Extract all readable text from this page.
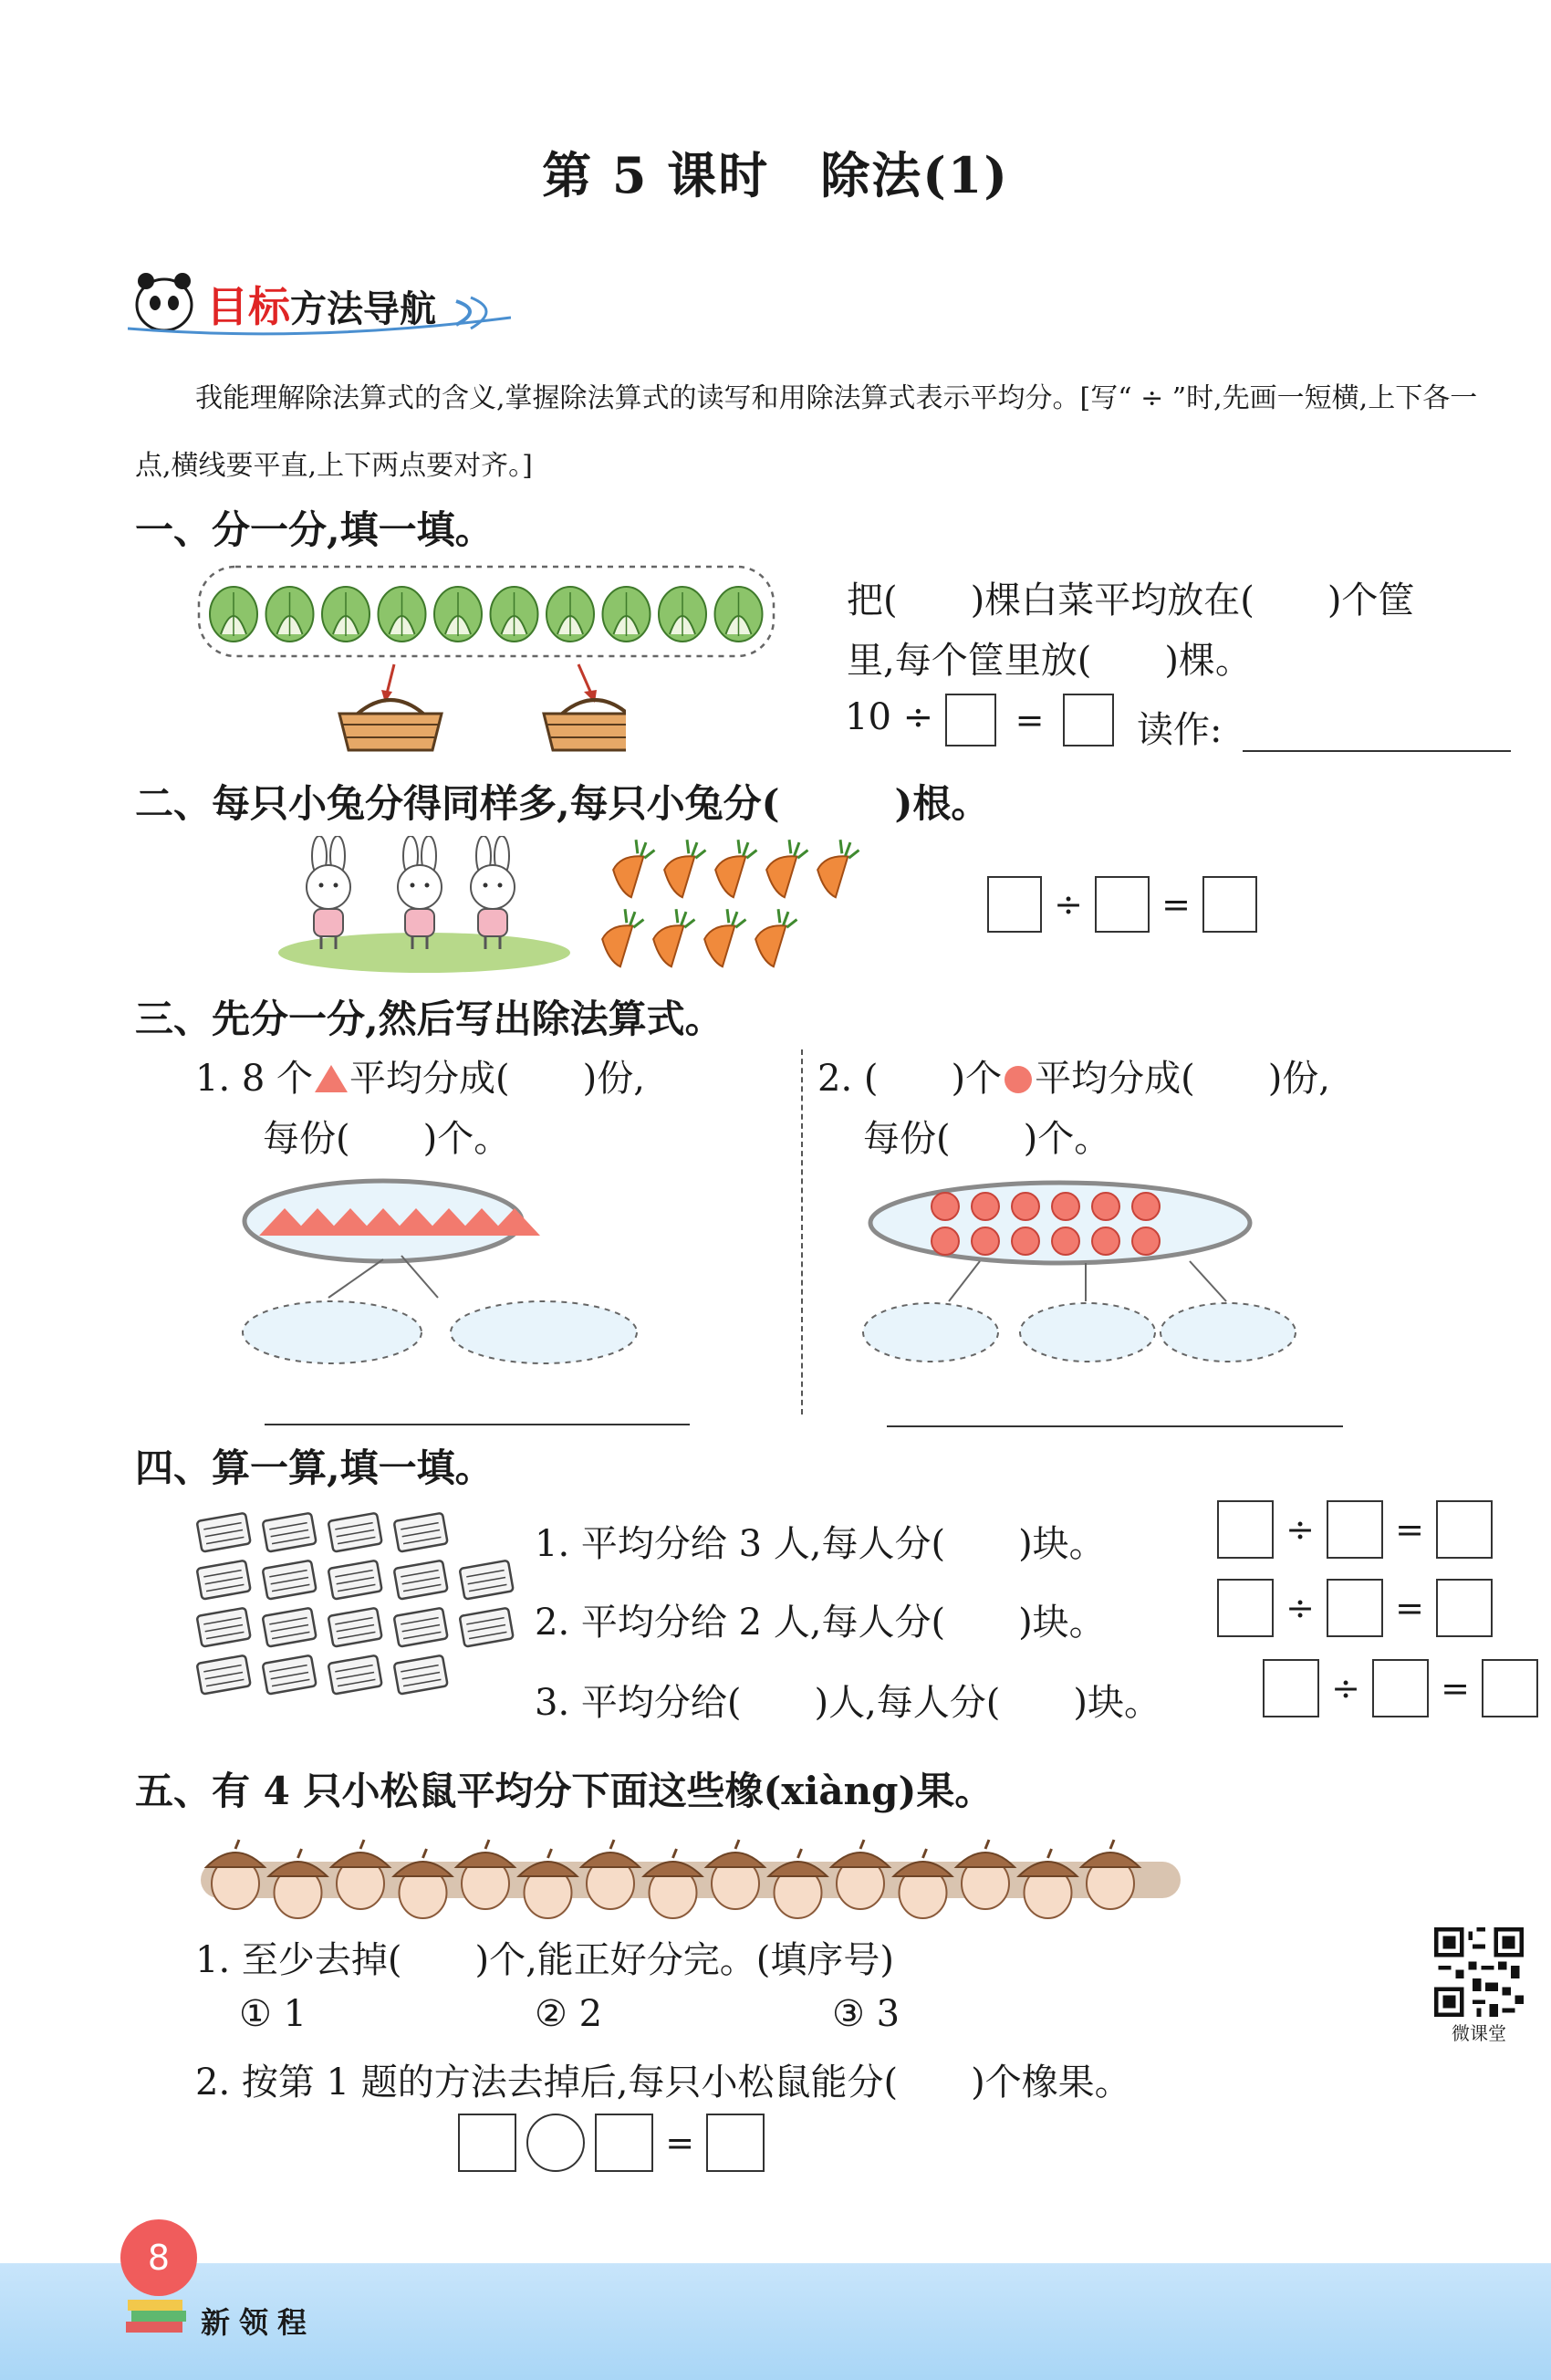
第 5 课时　除法(1)
目标方法导航
我能理解除法算式的含义,掌握除法算式的读写和用除法算式表示平均分。[写“ ÷ ”时,先画一短横,上下各一点,横线要平直,上下两点要对齐。]
一、分一分,填一填。
把(　　)棵白菜平均放在(　　)个筐
里,每个筐里放(　　)棵。
10 ÷ =	读作:
二、每只小兔分得同样多,每只小兔分(　　　)根。
÷ =
三、先分一分,然后写出除法算式。
1. 8 个 平均分成(　　)份,
每份(　　)个。
2. (　　)个 平均分成(　　)份,
每份(　　)个。
四、算一算,填一填。
1. 平均分给 3 人,每人分(　　)块。
2. 平均分给 2 人,每人分(　　)块。
3. 平均分给(　　)人,每人分(　　)块。
÷ =
÷ =
÷ =
五、有 4 只小松鼠平均分下面这些橡(xiàng)果。
1. 至少去掉(　　)个,能正好分完。(填序号)
① 1	② 2	③ 3
2. 按第 1 题的方法去掉后,每只小松鼠能分(　　)个橡果。
=
微课堂
8
新领程
